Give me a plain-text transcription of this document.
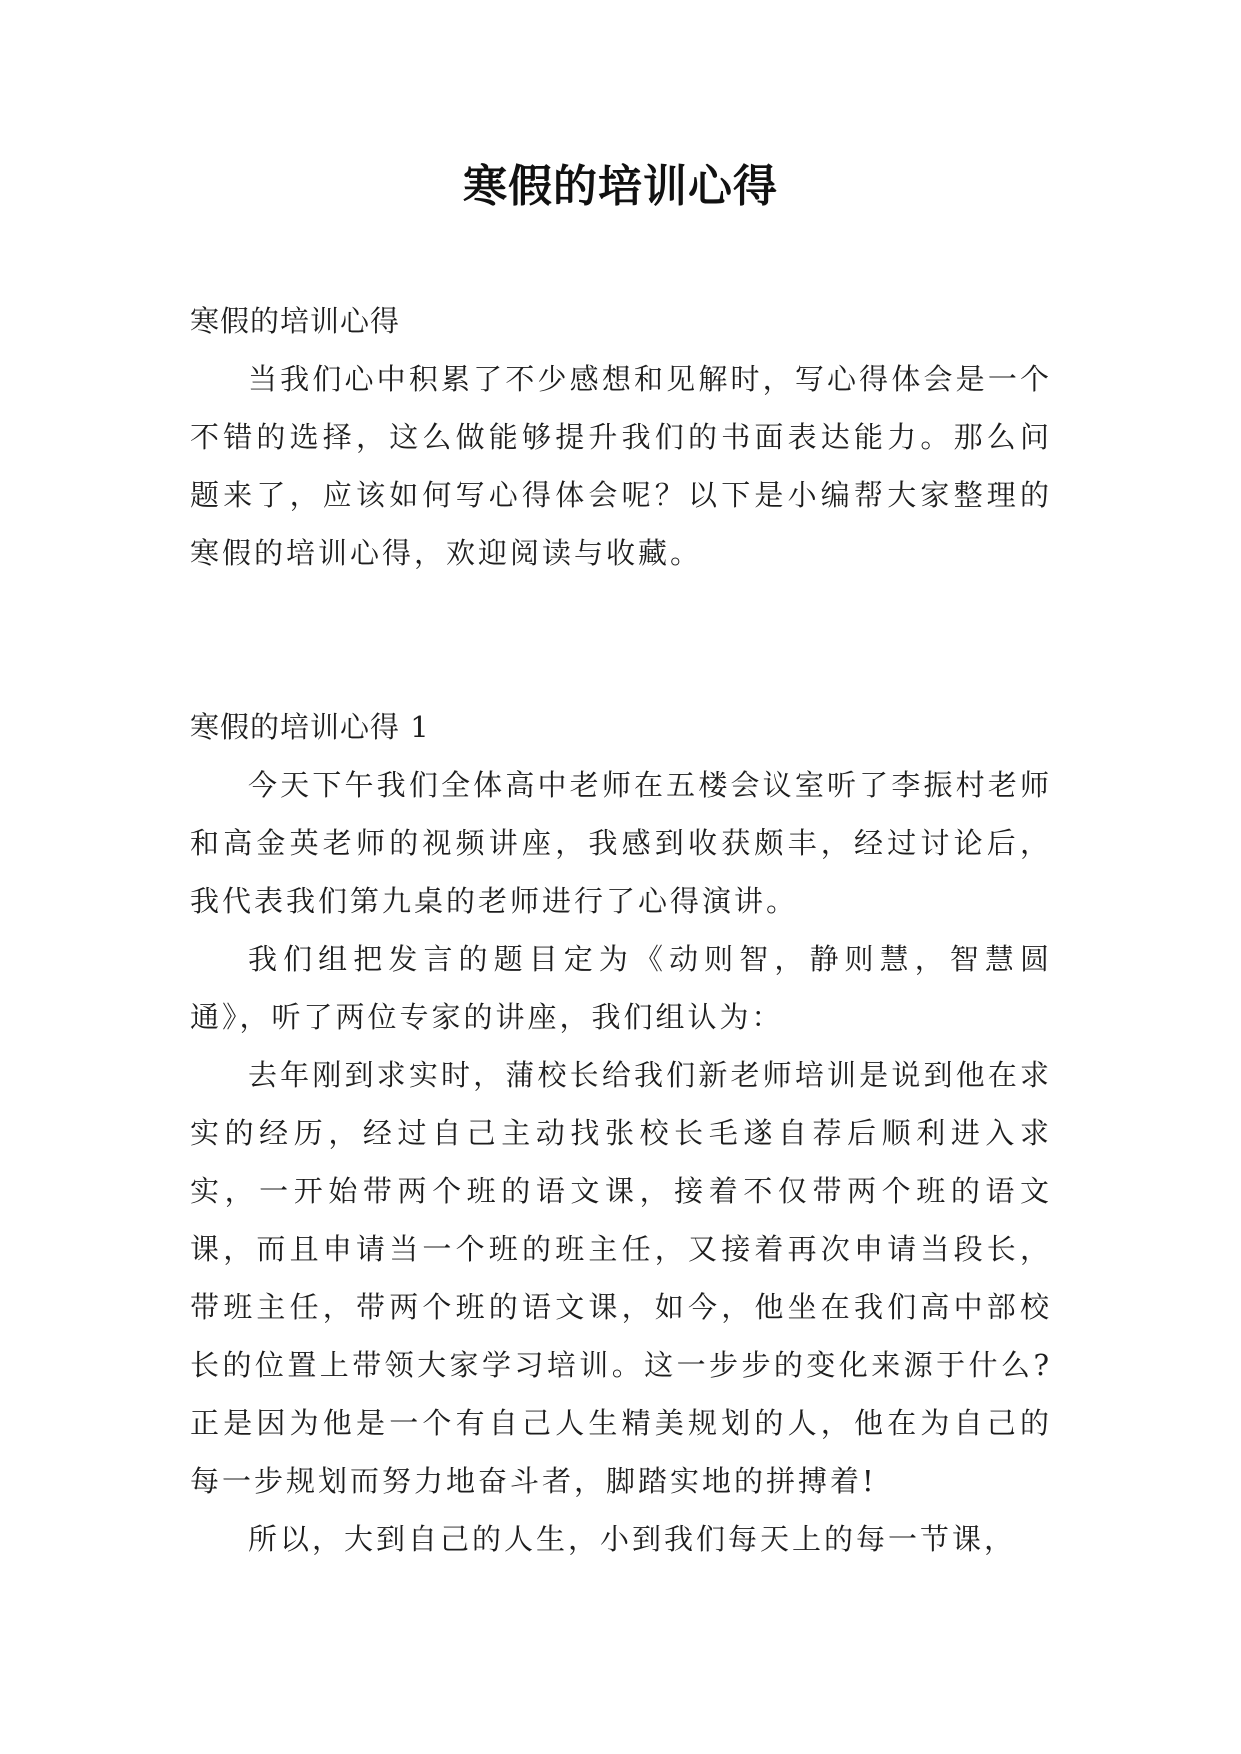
寒假的培训心得

寒假的培训心得

当我们心中积累了不少感想和见解时，写心得体会是一个不错的选择，这么做能够提升我们的书面表达能力。那么问题来了，应该如何写心得体会呢？以下是小编帮大家整理的寒假的培训心得，欢迎阅读与收藏。

寒假的培训心得 1

今天下午我们全体高中老师在五楼会议室听了李振村老师和高金英老师的视频讲座，我感到收获颇丰，经过讨论后，我代表我们第九桌的老师进行了心得演讲。

我们组把发言的题目定为《动则智，静则慧，智慧圆通》，听了两位专家的讲座，我们组认为：

去年刚到求实时，蒲校长给我们新老师培训是说到他在求实的经历，经过自己主动找张校长毛遂自荐后顺利进入求实，一开始带两个班的语文课，接着不仅带两个班的语文课，而且申请当一个班的班主任，又接着再次申请当段长，带班主任，带两个班的语文课，如今，他坐在我们高中部校长的位置上带领大家学习培训。这一步步的变化来源于什么?正是因为他是一个有自己人生精美规划的人，他在为自己的每一步规划而努力地奋斗者，脚踏实地的拼搏着!

所以，大到自己的人生，小到我们每天上的每一节课，
